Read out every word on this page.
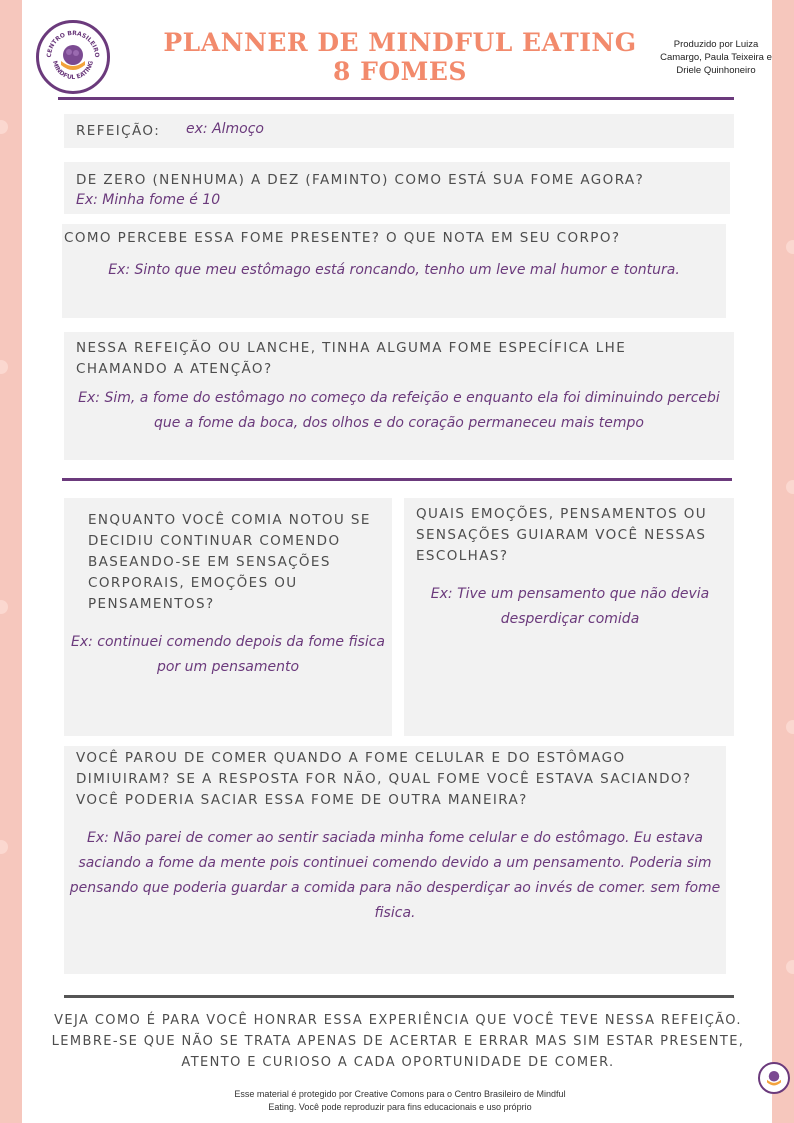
CENTRO BRASILEIRO
MINDFUL EATING
PLANNER DE MINDFUL EATING
8 FOMES
Produzido por Luiza Camargo, Paula Teixeira e Driele Quinhoneiro
REFEIÇÃO: ex: Almoço
DE ZERO (NENHUMA) A DEZ (FAMINTO) COMO ESTÁ SUA FOME AGORA?
Ex: Minha fome é 10
COMO PERCEBE ESSA FOME PRESENTE? O QUE NOTA EM SEU CORPO?
Ex: Sinto que meu estômago está roncando, tenho um leve mal humor e tontura.
NESSA REFEIÇÃO OU LANCHE, TINHA ALGUMA FOME ESPECÍFICA LHE CHAMANDO A ATENÇÃO?
Ex: Sim, a fome do estômago no começo da refeição e enquanto ela foi diminuindo percebi que a fome da boca, dos olhos e do coração permaneceu mais tempo
ENQUANTO VOCÊ COMIA NOTOU SE DECIDIU CONTINUAR COMENDO BASEANDO-SE EM SENSAÇÕES CORPORAIS, EMOÇÕES OU PENSAMENTOS?
Ex: continuei comendo depois da fome fisica por um pensamento
QUAIS EMOÇÕES, PENSAMENTOS OU SENSAÇÕES GUIARAM VOCÊ NESSAS ESCOLHAS?
Ex: Tive um pensamento que não devia desperdiçar comida
VOCÊ PAROU DE COMER QUANDO A FOME CELULAR E DO ESTÔMAGO DIMIUIRAM? SE A RESPOSTA FOR NÃO, QUAL FOME VOCÊ ESTAVA SACIANDO? VOCÊ PODERIA SACIAR ESSA FOME DE OUTRA MANEIRA?
Ex: Não parei de comer ao sentir saciada minha fome celular e do estômago. Eu estava saciando a fome da mente pois continuei comendo devido a um pensamento. Poderia sim pensando que poderia guardar a comida para não desperdiçar ao invés de comer. sem fome fisica.
VEJA COMO É PARA VOCÊ HONRAR ESSA EXPERIÊNCIA QUE VOCÊ TEVE NESSA REFEIÇÃO. LEMBRE-SE QUE NÃO SE TRATA APENAS DE ACERTAR E ERRAR MAS SIM ESTAR PRESENTE, ATENTO E CURIOSO A CADA OPORTUNIDADE DE COMER.
Esse material é protegido por Creative Comons para o Centro Brasileiro de Mindful Eating. Você pode reproduzir para fins educacionais e uso próprio
